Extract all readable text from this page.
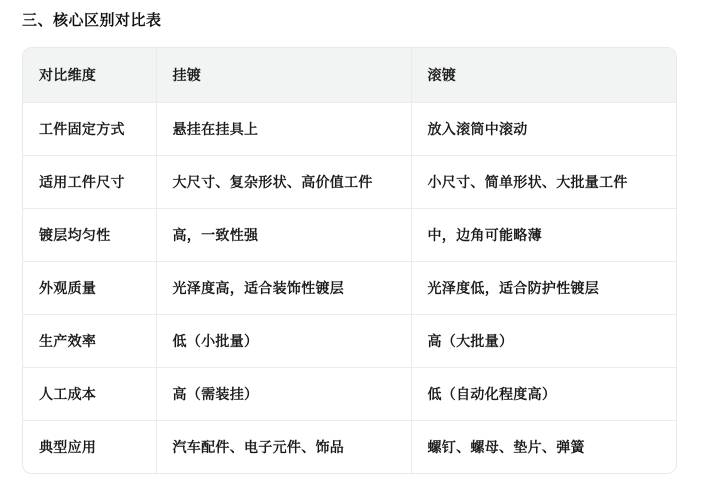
三、核心区别对比表
对比维度	挂镀	滚镀
工件固定方式	悬挂在挂具上	放入滚筒中滚动
适用工件尺寸	大尺寸、复杂形状、高价值工件	小尺寸、简单形状、大批量工件
镀层均匀性	高，一致性强	中，边角可能略薄
外观质量	光泽度高，适合装饰性镀层	光泽度低，适合防护性镀层
生产效率	低（小批量）	高（大批量）
人工成本	高（需装挂）	低（自动化程度高）
典型应用	汽车配件、电子元件、饰品	螺钉、螺母、垫片、弹簧
